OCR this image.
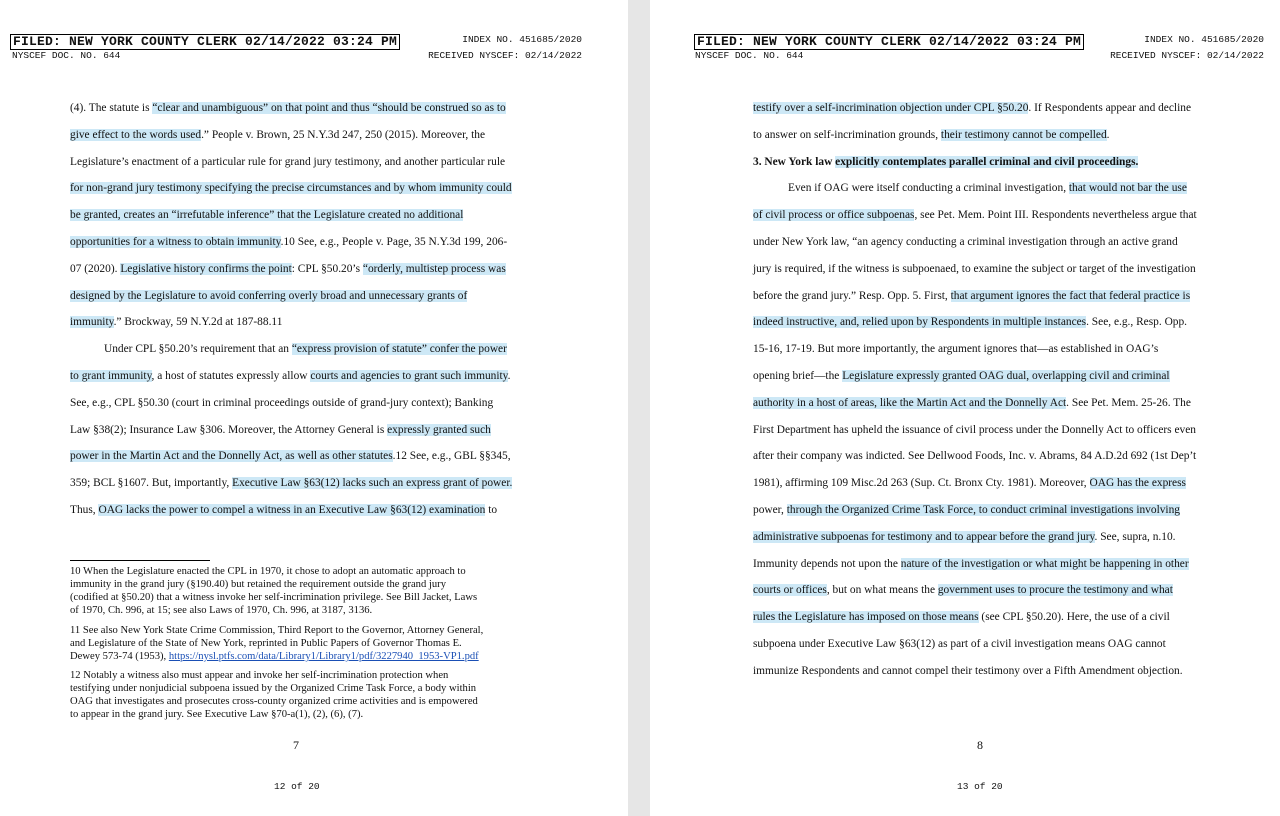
FILED: NEW YORK COUNTY CLERK 02/14/2022 03:24 PM
NYSCEF DOC. NO. 644
INDEX NO. 451685/2020
RECEIVED NYSCEF: 02/14/2022
(4). The statute is “clear and unambiguous” on that point and thus “should be construed so as to
give effect to the words used.” People v. Brown, 25 N.Y.3d 247, 250 (2015). Moreover, the
Legislature’s enactment of a particular rule for grand jury testimony, and another particular rule
for non-grand jury testimony specifying the precise circumstances and by whom immunity could
be granted, creates an “irrefutable inference” that the Legislature created no additional
opportunities for a witness to obtain immunity.10 See, e.g., People v. Page, 35 N.Y.3d 199, 206-
07 (2020). Legislative history confirms the point: CPL §50.20’s “orderly, multistep process was
designed by the Legislature to avoid conferring overly broad and unnecessary grants of
immunity.” Brockway, 59 N.Y.2d at 187-88.11
Under CPL §50.20’s requirement that an “express provision of statute” confer the power
to grant immunity, a host of statutes expressly allow courts and agencies to grant such immunity.
See, e.g., CPL §50.30 (court in criminal proceedings outside of grand-jury context); Banking
Law §38(2); Insurance Law §306. Moreover, the Attorney General is expressly granted such
power in the Martin Act and the Donnelly Act, as well as other statutes.12 See, e.g., GBL §§345,
359; BCL §1607. But, importantly, Executive Law §63(12) lacks such an express grant of power.
Thus, OAG lacks the power to compel a witness in an Executive Law §63(12) examination to
10 When the Legislature enacted the CPL in 1970, it chose to adopt an automatic approach to
immunity in the grand jury (§190.40) but retained the requirement outside the grand jury
(codified at §50.20) that a witness invoke her self-incrimination privilege. See Bill Jacket, Laws
of 1970, Ch. 996, at 15; see also Laws of 1970, Ch. 996, at 3187, 3136.
11 See also New York State Crime Commission, Third Report to the Governor, Attorney General,
and Legislature of the State of New York, reprinted in Public Papers of Governor Thomas E.
Dewey 573-74 (1953), https://nysl.ptfs.com/data/Library1/Library1/pdf/3227940_1953-VP1.pdf
12 Notably a witness also must appear and invoke her self-incrimination protection when
testifying under nonjudicial subpoena issued by the Organized Crime Task Force, a body within
OAG that investigates and prosecutes cross-county organized crime activities and is empowered
to appear in the grand jury. See Executive Law §70-a(1), (2), (6), (7).
7
12 of 20
FILED: NEW YORK COUNTY CLERK 02/14/2022 03:24 PM
NYSCEF DOC. NO. 644
INDEX NO. 451685/2020
RECEIVED NYSCEF: 02/14/2022
testify over a self-incrimination objection under CPL §50.20. If Respondents appear and decline
to answer on self-incrimination grounds, their testimony cannot be compelled.
3. New York law explicitly contemplates parallel criminal and civil proceedings.
Even if OAG were itself conducting a criminal investigation, that would not bar the use
of civil process or office subpoenas, see Pet. Mem. Point III. Respondents nevertheless argue that
under New York law, “an agency conducting a criminal investigation through an active grand
jury is required, if the witness is subpoenaed, to examine the subject or target of the investigation
before the grand jury.” Resp. Opp. 5. First, that argument ignores the fact that federal practice is
indeed instructive, and, relied upon by Respondents in multiple instances. See, e.g., Resp. Opp.
15-16, 17-19. But more importantly, the argument ignores that—as established in OAG’s
opening brief—the Legislature expressly granted OAG dual, overlapping civil and criminal
authority in a host of areas, like the Martin Act and the Donnelly Act. See Pet. Mem. 25-26. The
First Department has upheld the issuance of civil process under the Donnelly Act to officers even
after their company was indicted. See Dellwood Foods, Inc. v. Abrams, 84 A.D.2d 692 (1st Dep’t
1981), affirming 109 Misc.2d 263 (Sup. Ct. Bronx Cty. 1981). Moreover, OAG has the express
power, through the Organized Crime Task Force, to conduct criminal investigations involving
administrative subpoenas for testimony and to appear before the grand jury. See, supra, n.10.
Immunity depends not upon the nature of the investigation or what might be happening in other
courts or offices, but on what means the government uses to procure the testimony and what
rules the Legislature has imposed on those means (see CPL §50.20). Here, the use of a civil
subpoena under Executive Law §63(12) as part of a civil investigation means OAG cannot
immunize Respondents and cannot compel their testimony over a Fifth Amendment objection.
8
13 of 20
